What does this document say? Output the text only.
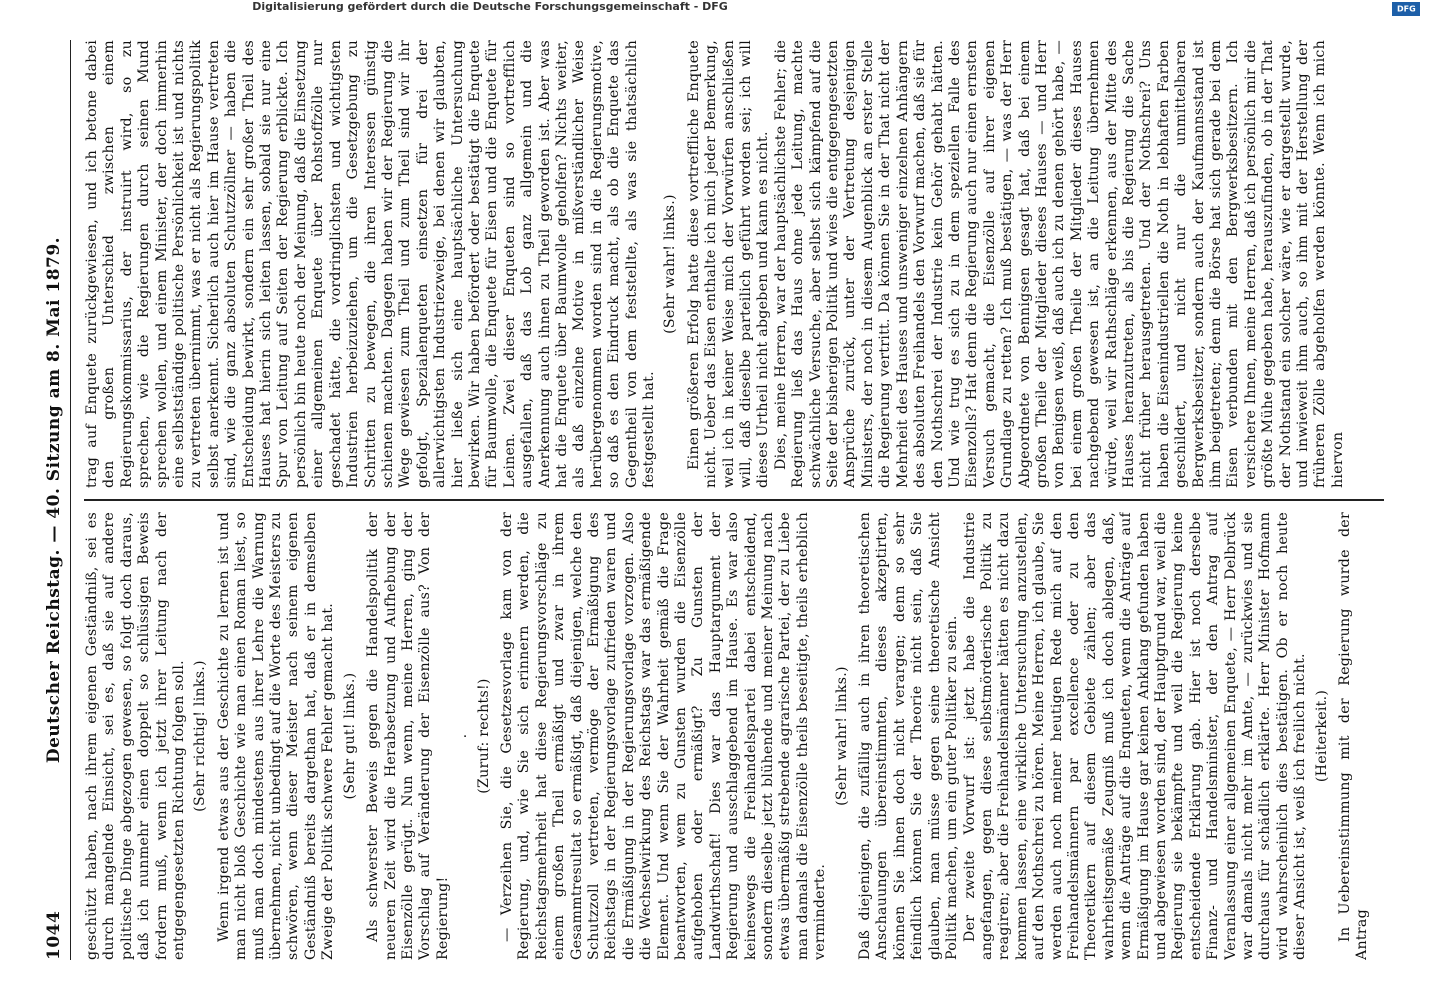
1044
Deutscher Reichstag. — 40. Sitzung am 8. Mai 1879. geschützt haben, nach ihrem eigenen Geständniß, sei es durch mangelnde Einsicht, sei es, daß sie auf andere politische Dinge abgezogen gewesen, so folgt doch daraus, daß ich nunmehr einen doppelt so schlüssigen Beweis fordern muß, wenn ich jetzt ihrer Leitung nach der entgegengesetzten Richtung folgen soll. (Sehr richtig! links.) Wenn irgend etwas aus der Geschichte zu lernen ist und man nicht bloß Geschichte wie man einen Roman liest, so muß man doch mindestens aus ihrer Lehre die Warnung übernehmen, nicht unbedingt auf die Worte des Meisters zu schwören, wenn dieser Meister nach seinem eigenen Geständniß bereits dargethan hat, daß er in demselben Zweige der Politik schwere Fehler gemacht hat. (Sehr gut! links.) Als schwerster Beweis gegen die Handelspolitik der neueren Zeit wird die Herabsetzung und Aufhebung der Eisenzölle gerügt. Nun wenn, meine Herren, ging der Vorschlag auf Veränderung der Eisenzölle aus? Von der Regierung!

. (Zuruf: rechts!) — Verzeihen Sie, die Gesetzesvorlage kam von der Regierung, und, wie Sie sich erinnern werden, die Reichstagsmehrheit hat diese Regierungsvorschläge zu einem großen Theil ermäßigt und zwar in ihrem Gesammtresultat so ermäßigt, daß diejenigen, welche den Schutzzoll vertreten, vermöge der Ermäßigung des Reichstags in der Regierungsvorlage zufrieden waren und die Ermäßigung in der Regierungsvorlage vorzogen. Also die Wechselwirkung des Reichstags war das ermäßigende Element. Und wenn Sie der Wahrheit gemäß die Frage beantworten, wem zu Gunsten wurden die Eisenzölle aufgehoben oder ermäßigt? Zu Gunsten der Landwirthschaft! Dies war das Hauptargument der Regierung und ausschlaggebend im Hause. Es war also keineswegs die Freihandelspartei dabei entscheidend, sondern dieselbe jetzt blühende und meiner Meinung nach etwas übermäßig strebende agrarische Partei, der zu Liebe man damals die Eisenzölle theils beseitigte, theils erheblich verminderte.

(Sehr wahr! links.) Daß diejenigen, die zufällig auch in ihren theoretischen Anschauungen übereinstimmten, dieses akzeptirten, können Sie ihnen doch nicht verargen; denn so sehr feindlich können Sie der Theorie nicht sein, daß Sie glauben, man müsse gegen seine theoretische Ansicht Politik machen, um ein guter Politiker zu sein. Der zweite Vorwurf ist: jetzt habe die Industrie angefangen, gegen diese selbstmörderische Politik zu reagiren; aber die Freihandelsmänner hätten es nicht dazu kommen lassen, eine wirkliche Untersuchung anzustellen, auf den Nothschrei zu hören. Meine Herren, ich glaube, Sie werden auch noch meiner heutigen Rede mich auf den Freihandelsmännern par excellence oder zu den Theoretikern auf diesem Gebiete zählen; aber das wahrheitsgemäße Zeugniß muß ich doch ablegen, daß, wenn die Anträge auf die Enqueten, wenn die Anträge auf Ermäßigung im Hause gar keinen Anklang gefunden haben und abgewiesen worden sind, der Hauptgrund war, weil die Regierung sie bekämpfte und weil die Regierung keine entscheidende Erklärung gab. Hier ist noch derselbe Finanz- und Handelsminister, der den Antrag auf Veranlassung einer allgemeinen Enquete, — Herr Delbrück war damals nicht mehr im Amte, — zurückwies und sie durchaus für schädlich erklärte. Herr Minister Hofmann wird wahrscheinlich dies bestätigen. Ob er noch heute dieser Ansicht ist, weiß ich freilich nicht. (Heiterkeit.) In Uebereinstimmung mit der Regierung wurde der Antrag

trag auf Enquete zurückgewiesen, und ich betone dabei den großen Unterschied zwischen einem Regierungskommissarius, der instruirt wird, so zu sprechen, wie die Regierungen durch seinen Mund sprechen wollen, und einem Minister, der doch immerhin eine selbstständige politische Persönlichkeit ist und nichts zu vertreten übernimmt, was er nicht als Regierungspolitik selbst anerkennt. Sicherlich auch hier im Hause vertreten sind, wie die ganz absoluten Schutzzöllner — haben die Entscheidung bewirkt, sondern ein sehr großer Theil des Hauses hat hierin sich leiten lassen, sobald sie nur eine Spur von Leitung auf Seiten der Regierung erblickte. Ich persönlich bin heute noch der Meinung, daß die Einsetzung einer allgemeinen Enquete über Rohstoffzölle nur geschadet hätte, die vordringlichsten und wichtigsten Industrien herbeizuziehen, um die Gesetzgebung zu Schritten zu bewegen, die ihren Interessen günstig schienen machten. Dagegen haben wir der Regierung die Wege gewiesen zum Theil und zum Theil sind wir ihr gefolgt, Spezialenqueten einsetzen für drei der allerwichtigsten Industriezweige, bei denen wir glaubten, hier ließe sich eine hauptsächliche Untersuchung bewirken. Wir haben befördert oder bestätigt die Enquete für Baumwolle, die Enquete für Eisen und die Enquete für Leinen. Zwei dieser Enqueten sind so vortrefflich ausgefallen, daß das Lob ganz allgemein und die Anerkennung auch ihnen zu Theil geworden ist. Aber was hat die Enquete über Baumwolle geholfen? Nichts weiter, als daß einzelne Motive in mißverständlicher Weise herübergenommen worden sind in die Regierungsmotive, so daß es den Eindruck macht, als ob die Enquete das Gegentheil von dem feststellte, als was sie thatsächlich festgestellt hat.

(Sehr wahr! links.) Einen größeren Erfolg hatte diese vortreffliche Enquete nicht. Ueber das Eisen enthalte ich mich jeder Bemerkung, weil ich in keiner Weise mich der Vorwürfen anschließen will, daß dieselbe parteilich geführt worden sei; ich will dieses Urtheil nicht abgeben und kann es nicht. Dies, meine Herren, war der hauptsächlichste Fehler; die Regierung ließ das Haus ohne jede Leitung, machte schwächliche Versuche, aber selbst sich kämpfend auf die Seite der bisherigen Politik und wies die entgegengesetzten Ansprüche zurück, unter der Vertretung desjenigen Ministers, der noch in diesem Augenblick an erster Stelle die Regierung vertritt. Da können Sie in der That nicht der Mehrheit des Hauses und unsweniger einzelnen Anhängern des absoluten Freihandels den Vorwurf machen, daß sie für den Nothschrei der Industrie kein Gehör gehabt hätten. Und wie trug es sich zu in dem speziellen Falle des Eisenzolls? Hat denn die Regierung auch nur einen ernsten Versuch gemacht, die Eisenzölle auf ihrer eigenen Grundlage zu retten? Ich muß bestätigen, — was der Herr Abgeordnete von Bennigsen gesagt hat, daß bei einem großen Theile der Mitglieder dieses Hauses — und Herr von Benigsen weiß, daß auch ich zu denen gehört habe, — bei einem großen Theile der Mitglieder dieses Hauses nachgebend gewesen ist, an die Leitung übernehmen würde, weil wir Rathschläge erkennen, aus der Mitte des Hauses heranzutreten, als bis die Regierung die Sache nicht früher herausgetreten. Und der Nothschrei? Uns haben die Eisenindustriellen die Noth in lebhaften Farben geschildert, und nicht nur die unmittelbaren Bergwerksbesitzer, sondern auch der Kaufmannsstand ist ihm beigetreten; denn die Börse hat sich gerade bei dem Eisen verbunden mit den Bergwerksbesitzern. Ich versichere Ihnen, meine Herren, daß ich persönlich mir die größte Mühe gegeben habe, herauszufinden, ob in der That der Nothstand ein solcher wäre, wie er dargestellt wurde, und inwieweit ihm auch, so ihm mit der Herstellung der früheren Zölle abgeholfen werden könnte. Wenn ich mich hiervon

Digitalisierung gefördert durch die Deutsche Forschungsgemeinschaft - DFG	DFG
